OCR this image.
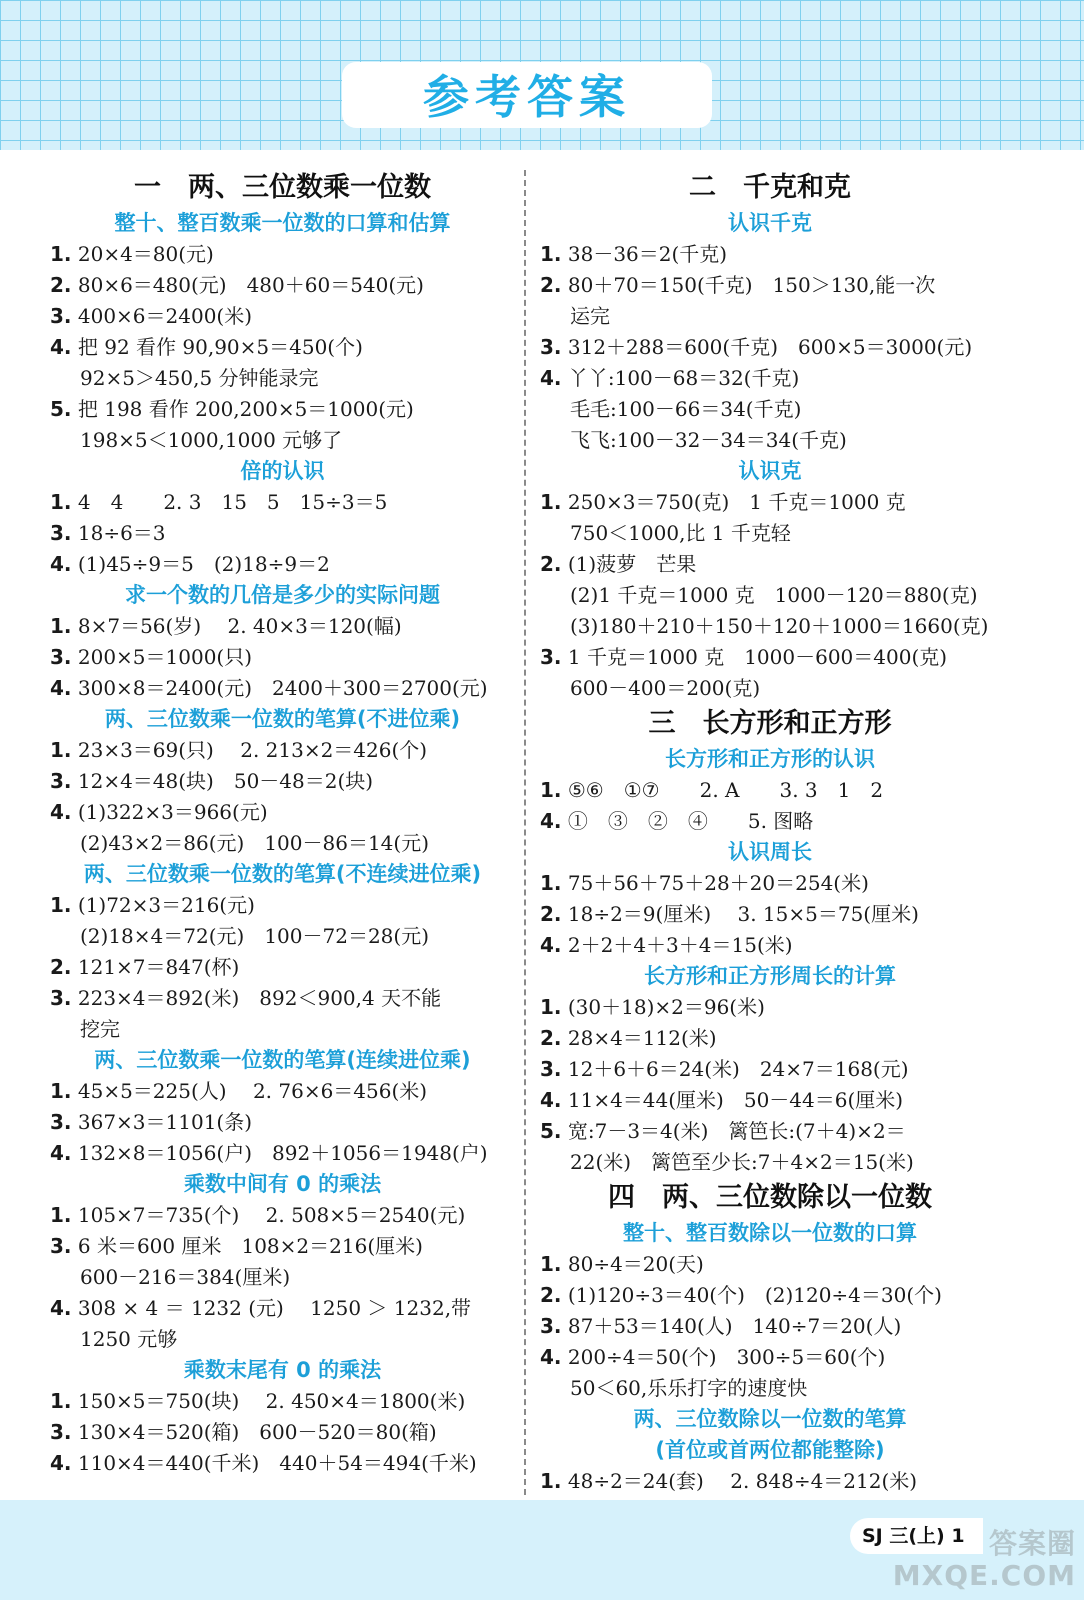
参考答案
一　两、三位数乘一位数
整十、整百数乘一位数的口算和估算
1. 20×4＝80(元)
2. 80×6＝480(元)　480＋60＝540(元)
3. 400×6＝2400(米)
4. 把 92 看作 90,90×5＝450(个)
92×5＞450,5 分钟能录完
5. 把 198 看作 200,200×5＝1000(元)
198×5＜1000,1000 元够了
倍的认识
1. 4　4　　2. 3　15　5　15÷3＝5
3. 18÷6＝3
4. (1)45÷9＝5　(2)18÷9＝2
求一个数的几倍是多少的实际问题
1. 8×7＝56(岁)　 2. 40×3＝120(幅)
3. 200×5＝1000(只)
4. 300×8＝2400(元)　2400＋300＝2700(元)
两、三位数乘一位数的笔算(不进位乘)
1. 23×3＝69(只)　 2. 213×2＝426(个)
3. 12×4＝48(块)　50－48＝2(块)
4. (1)322×3＝966(元)
(2)43×2＝86(元)　100－86＝14(元)
两、三位数乘一位数的笔算(不连续进位乘)
1. (1)72×3＝216(元)
(2)18×4＝72(元)　100－72＝28(元)
2. 121×7＝847(杯)
3. 223×4＝892(米)　892＜900,4 天不能
挖完
两、三位数乘一位数的笔算(连续进位乘)
1. 45×5＝225(人)　 2. 76×6＝456(米)
3. 367×3＝1101(条)
4. 132×8＝1056(户)　892＋1056＝1948(户)
乘数中间有 0 的乘法
1. 105×7＝735(个)　 2. 508×5＝2540(元)
3. 6 米＝600 厘米　108×2＝216(厘米)
600－216＝384(厘米)
4. 308 × 4 ＝ 1232 (元)　 1250 ＞ 1232,带
1250 元够
乘数末尾有 0 的乘法
1. 150×5＝750(块)　 2. 450×4＝1800(米)
3. 130×4＝520(箱)　600－520＝80(箱)
4. 110×4＝440(千米)　440＋54＝494(千米)
二　千克和克
认识千克
1. 38－36＝2(千克)
2. 80＋70＝150(千克)　150＞130,能一次
运完
3. 312＋288＝600(千克)　600×5＝3000(元)
4. 丫丫:100－68＝32(千克)
毛毛:100－66＝34(千克)
飞飞:100－32－34＝34(千克)
认识克
1. 250×3＝750(克)　1 千克＝1000 克
750＜1000,比 1 千克轻
2. (1)菠萝　芒果
(2)1 千克＝1000 克　1000－120＝880(克)
(3)180＋210＋150＋120＋1000＝1660(克)
3. 1 千克＝1000 克　1000－600＝400(克)
600－400＝200(克)
三　长方形和正方形
长方形和正方形的认识
1. ⑤⑥　①⑦　　2. A　　3. 3　1　2
4. ①　③　②　④　　5. 图略
认识周长
1. 75＋56＋75＋28＋20＝254(米)
2. 18÷2＝9(厘米)　 3. 15×5＝75(厘米)
4. 2＋2＋4＋3＋4＝15(米)
长方形和正方形周长的计算
1. (30＋18)×2＝96(米)
2. 28×4＝112(米)
3. 12＋6＋6＝24(米)　24×7＝168(元)
4. 11×4＝44(厘米)　50－44＝6(厘米)
5. 宽:7－3＝4(米)　篱笆长:(7＋4)×2＝
22(米)　篱笆至少长:7＋4×2＝15(米)
四　两、三位数除以一位数
整十、整百数除以一位数的口算
1. 80÷4＝20(天)
2. (1)120÷3＝40(个)　(2)120÷4＝30(个)
3. 87＋53＝140(人)　140÷7＝20(人)
4. 200÷4＝50(个)　300÷5＝60(个)
50＜60,乐乐打字的速度快
两、三位数除以一位数的笔算
(首位或首两位都能整除)
1. 48÷2＝24(套)　 2. 848÷4＝212(米)
SJ 三(上) 1 答案圈
MXQE.COM
